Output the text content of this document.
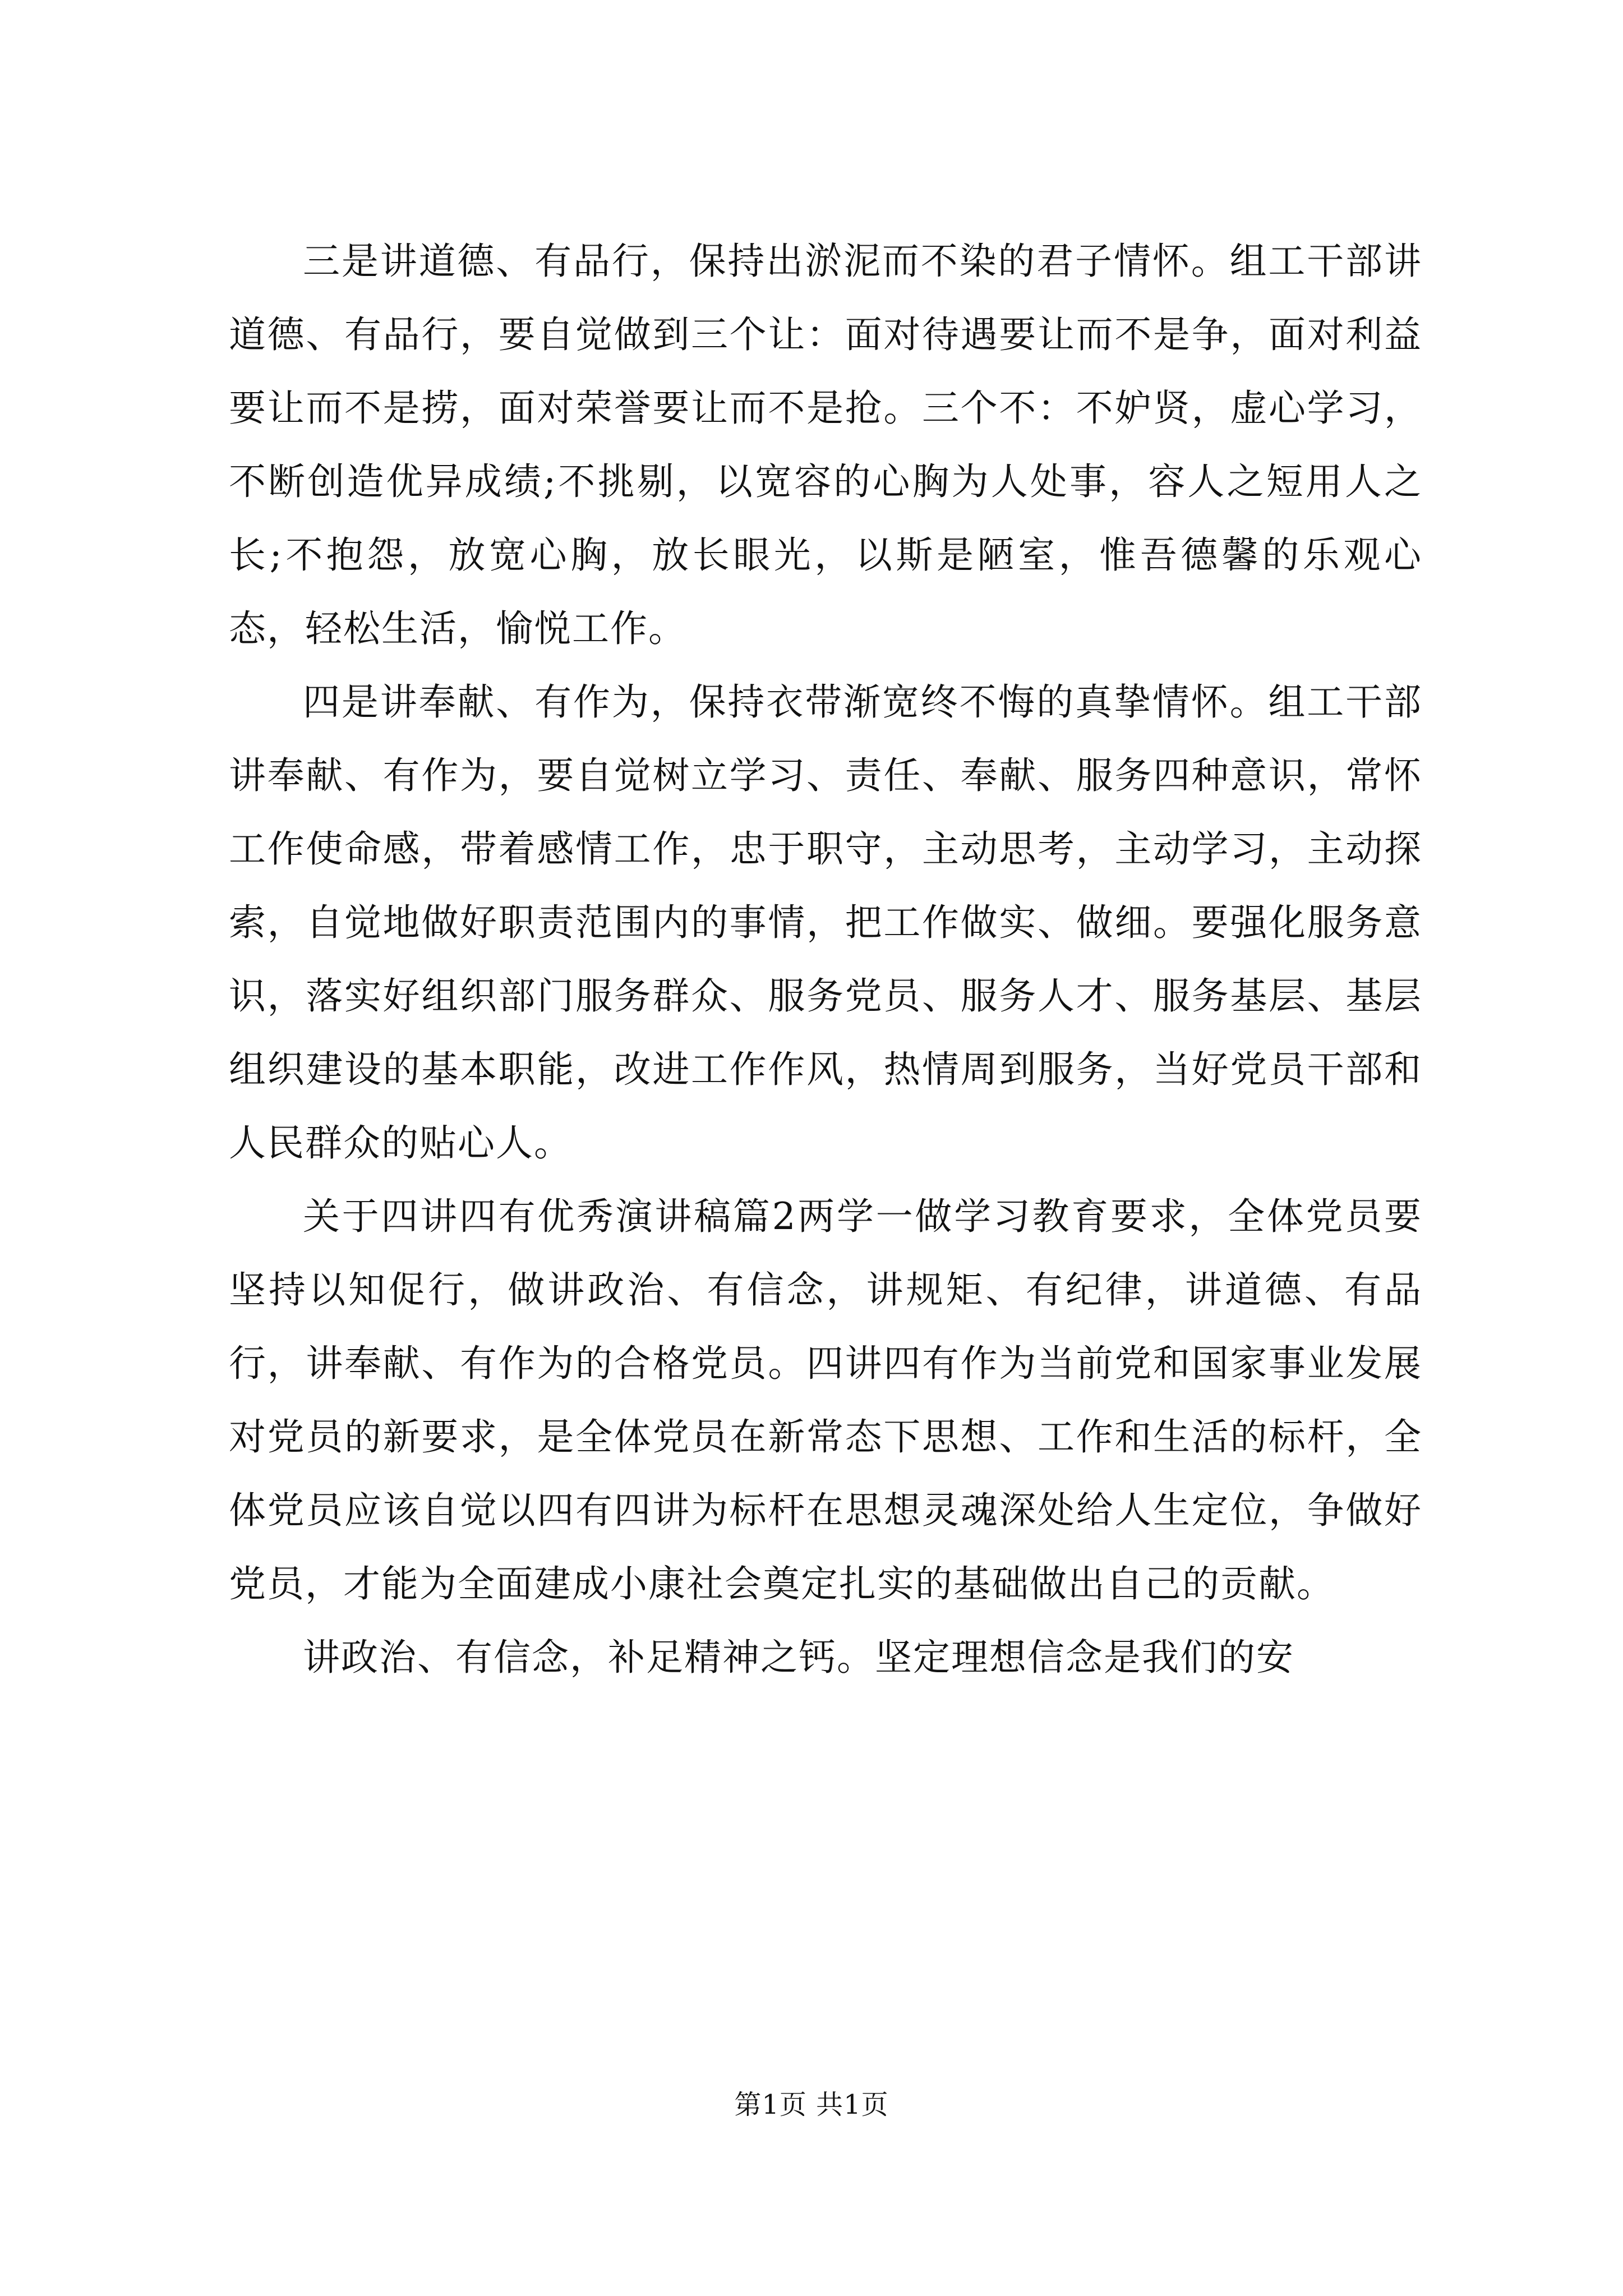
三是讲道德、有品行，保持出淤泥而不染的君子情怀。组工干部讲道德、有品行，要自觉做到三个让：面对待遇要让而不是争，面对利益要让而不是捞，面对荣誉要让而不是抢。三个不：不妒贤，虚心学习，不断创造优异成绩;不挑剔，以宽容的心胸为人处事，容人之短用人之长;不抱怨，放宽心胸，放长眼光，以斯是陋室，惟吾德馨的乐观心态，轻松生活，愉悦工作。

四是讲奉献、有作为，保持衣带渐宽终不悔的真挚情怀。组工干部讲奉献、有作为，要自觉树立学习、责任、奉献、服务四种意识，常怀工作使命感，带着感情工作，忠于职守，主动思考，主动学习，主动探索，自觉地做好职责范围内的事情，把工作做实、做细。要强化服务意识，落实好组织部门服务群众、服务党员、服务人才、服务基层、基层组织建设的基本职能，改进工作作风，热情周到服务，当好党员干部和人民群众的贴心人。

关于四讲四有优秀演讲稿篇2两学一做学习教育要求，全体党员要坚持以知促行，做讲政治、有信念，讲规矩、有纪律，讲道德、有品行，讲奉献、有作为的合格党员。四讲四有作为当前党和国家事业发展对党员的新要求，是全体党员在新常态下思想、工作和生活的标杆，全体党员应该自觉以四有四讲为标杆在思想灵魂深处给人生定位，争做好党员，才能为全面建成小康社会奠定扎实的基础做出自己的贡献。

讲政治、有信念，补足精神之钙。坚定理想信念是我们的安

第1页 共1页
